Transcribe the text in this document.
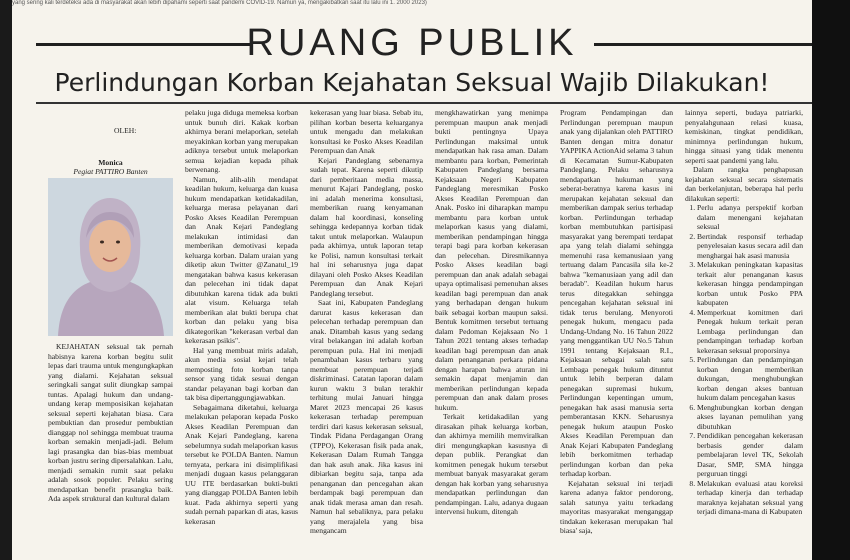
yang sering kali terdeteksi ada di masyarakat akan lebih dipahami seperti saat pandemi COVID-19. Namun ya, mengakibatkan saat itu lalu ini 1. 2000 2023)
RUANG PUBLIK
Perlindungan Korban Kejahatan Seksual Wajib Dilakukan!
OLEH:
Monica
Pegiat PATTIRO Banten

KEJAHATAN seksual tak pernah habisnya karena korban begitu sulit lepas dari trauma untuk mengungkapkan yang dialami. Kejahatan seksual seringkali sangat sulit diungkap sampai tuntas. Apalagi hukum dan undang-undang kerap memposisikan kejahatan seksual seperti kejahatan biasa. Cara pembuktian dan prosedur pembuktian dianggap nol sehingga membuat trauma korban semakin menjadi-jadi. Belum lagi prasangka dan bias-bias membuat korban justru sering dipersalahkan. Lalu, menjadi semakin rumit saat pelaku adalah sosok populer. Pelaku sering mendapatkan benefit prasangka baik. Ada aspek struktural dan kultural dalam

pelaku juga diduga memeksa korban untuk bunuh diri. Kakak korban akhirnya berani melaporkan, setelah meyakinkan korban yang merupakan adiknya tersebut untuk melaporkan semua kejadian kepada pihak berwenang.

Namun, alih-alih mendapat keadilan hukum, keluarga dan kuasa hukum mendapatkan ketidakadilan, keluarga merasa pelayanan dari Posko Akses Keadilan Perempuan dan Anak Kejari Pandeglang melakukan intimidasi dan memberikan demotivasi kepada keluarga korban. Dalam uraian yang diketip akun Twitter @Zanatul_19 mengatakan bahwa kasus kekerasan dan pelecehan ini tidak dapat dibutuhkan karena tidak ada bukti alat visum. Keluarga telah memberikan alat bukti berupa chat korban dan pelaku yang bisa dikategorikan "kekerasan verbal dan kekerasan psikis".

Hal yang membuat miris adalah, akun media sosial kejari telah memposting foto korban tanpa sensor yang tidak sesuai dengan standar pelayanan bagi korban dan tak bisa dipertanggungjawabkan.

Sebagaimana diketahui, keluarga melakukan pelaporan kepada Posko Akses Keadilan Perempuan dan Anak Kejari Pandeglang, karena sebelumnya sudah melaporkan kasus tersebut ke POLDA Banten. Namun ternyata, perkara ini disimplifikasi menjadi dugaan kasus pelanggaran UU ITE berdasarkan bukti-bukti yang dianggap POLDA Banten lebih kuat. Pada akhirnya seperti yang sudah pernah paparkan di atas, kasus kekerasan

kekerasan yang luar biasa. Sebab itu, pilihan korban beserta keluarganya untuk mengadu dan melakukan konsultasi ke Posko Akses Keadilan Perempuan dan Anak

Kejari Pandeglang sebenarnya sudah tepat. Karena seperti dikutip dari pemberitaan media massa, menurut Kajari Pandeglang, posko ini adalah menerima konsultasi, memberikan ruang kenyamanan dalam hal koordinasi, konseling sehingga kedepannya korban tidak takut untuk melaporkan. Walaupun pada akhirnya, untuk laporan tetap ke Polisi, namun konsultasi terkait hal ini seharusnya juga dapat dilayani oleh Posko Akses Keadilan Perempuan dan Anak Kejari Pandeglang tersebut.

Saat ini, Kabupaten Pandeglang darurat kasus kekerasan dan pelecehan terhadap perempuan dan anak. Ditambah kasus yang sedang viral belakangan ini adalah korban perempuan pula. Hal ini menjadi penambahan kasus terbaru yang membuat perempuan terjadi diskriminasi. Catatan laporan dalam kurun waktu 3 bulan terakhir terhitung mulai Januari hingga Maret 2023 mencapai 26 kasus kekerasan terhadap perempuan terdiri dari kasus kekerasan seksual, Tindak Pidana Perdagangan Orang (TPPO), Kekerasan fisik pada anak, Kekerasan Dalam Rumah Tangga dan hak asuh anak. Jika kasus ini dibiarkan begitu saja, tanpa ada penanganan dan pencegahan akan berdampak bagi perempuan dan anak tidak merasa aman dan resah. Namun hal sebaliknya, para pelaku yang merajalela yang bisa mengancam

mengkhawatirkan yang menimpa perempuan maupun anak menjadi bukti pentingnya Upaya Perlindungan maksimal untuk mendapatkan hak rasa aman. Dalam membantu para korban, Pemerintah Kabupaten Pandeglang bersama Kejaksaan Negeri Kabupaten Pandeglang meresmikan Posko Akses Keadilan Perempuan dan Anak. Posko ini diharapkan mampu membantu para korban untuk melaporkan kasus yang dialami, memberikan pendampingan hingga terapi bagi para korban kekerasan dan pelecehan. Diresmikannya Posko Akses keadilan bagi perempuan dan anak adalah sebagai upaya optimalisasi pemenuhan akses keadilan bagi perempuan dan anak yang berhadapan dengan hukum baik sebagai korban maupun saksi. Bentuk komitmen tersebut tertuang dalam Pedoman Kejaksaan No 1 Tahun 2021 tentang akses terhadap keadilan bagi perempuan dan anak dalam penanganan perkara pidana dengan harapan bahwa aturan ini semakin dapat menjamin dan memberikan perlindungan kepada perempuan dan anak dalam proses hukum.

Terkait ketidakadilan yang dirasakan pihak keluarga korban, dan akhirnya memilih memviralkan diri mengungkapkan kasusnya di depan publik. Perangkat dan komitmen penegak hukum tersebut membuat banyak masyarakat geram dengan hak korban yang seharusnya mendapatkan perlindungan dan pendampingan. Lalu, adanya dugaan intervensi hukum, ditengah

Program Pendampingan dan Perlindungan perempuan maupun anak yang dijalankan oleh PATTIRO Banten dengan mitra donatur YAPPIKA ActionAid selama 3 tahun di Kecamatan Sumur-Kabupaten Pandeglang. Pelaku seharusnya mendapatkan hukuman yang seberat-beratnya karena kasus ini merupakan kejahatan seksual dan memberikan dampak serius terhadap korban. Perlindungan terhadap korban membutuhkan partisipasi masyarakat yang berempati terdapat apa yang telah dialami sehingga memenuhi rasa kemanusiaan yang tertuang dalam Pancasila sila ke-2 bahwa "kemanusiaan yang adil dan beradab". Keadilan hukum harus terus ditegakkan sehingga pencegahan kejahatan seksual ini tidak terus berulang. Menyoroti penegak hukum, mengacu pada Undang-Undang No. 16 Tahun 2022 yang menggantikan UU No.5 Tahun 1991 tentang Kejaksaan R.I., Kejaksaan sebagai salah satu Lembaga penegak hukum dituntut untuk lebih berperan dalam penegakan supremasi hukum, Perlindungan kepentingan umum, penegakan hak asasi manusia serta pemberantasan KKN. Seharusnya penegak hukum ataupun Posko Akses Keadilan Perempuan dan Anak Kejari Kabupaten Pandeglang lebih berkomitmen terhadap perlindungan korban dan peka terhadap korban.

Kejahatan seksual ini terjadi karena adanya faktor pendorong, salah satunya yaitu terkadang mayoritas masyarakat menganggap tindakan kekerasan merupakan 'hal biasa' saja,

lainnya seperti, budaya patriarki, penyalahgunaan relasi kuasa, kemiskinan, tingkat pendidikan, minimnya perlindungan hukum, hingga situasi yang tidak menentu seperti saat pandemi yang lalu.

Dalam rangka penghapusan kejahatan seksual secara sistematis dan berkelanjutan, beberapa hal perlu dilakukan seperti:

1. Perlu adanya perspektif korban dalam menengani kejahatan seksual
2. Bertindak responsif terhadap penyelesaian kasus secara adil dan menghargai hak asasi manusia
3. Melakukan peningkatan kapasitas terkait alur penanganan kasus kekerasan hingga pendampingan korban untuk Posko PPA kabupaten
4. Memperkuat komitmen dari Penegak hukum terkait peran Lembaga perlindungan dan pendampingan terhadap korban kekerasan seksual proporsinya
5. Perlindungan dan pendampingan korban dengan memberikan dukungan, menghubungkan korban dengan akses bantuan hukum dalam pencegahan kasus
6. Menghubungkan korban dengan akses layanan pemulihan yang dibutuhkan
7. Pendidikan pencegahan kekerasan berbasis gender dalam pembelajaran level TK, Sekolah Dasar, SMP, SMA hingga perguruan tinggi
8. Melakukan evaluasi atau koreksi terhadap kinerja dan terhadap maraknya kejahatan seksual yang terjadi dimana-mana di Kabupaten
